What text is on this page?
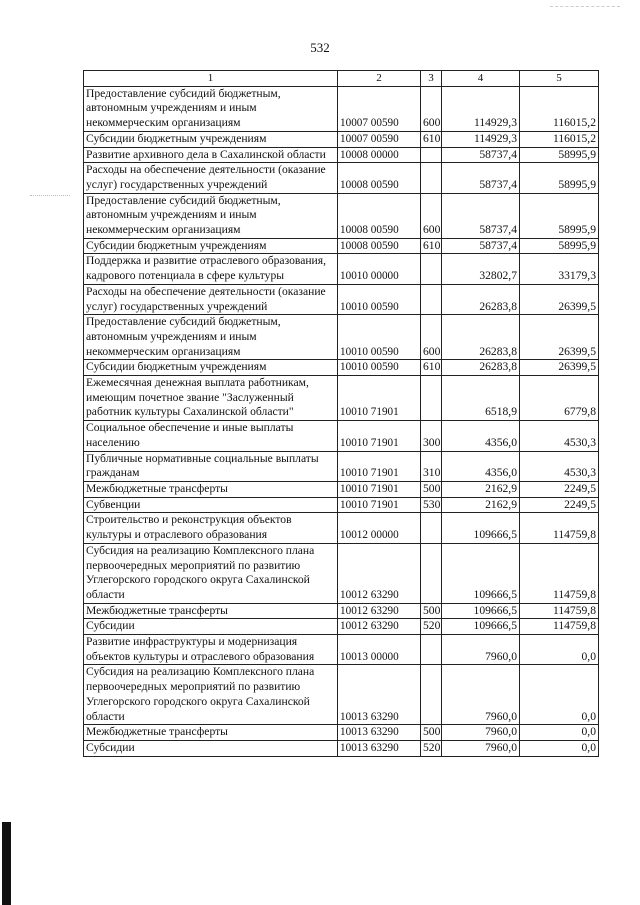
532
1	2	3	4	5
Предоставление субсидий бюджетным, автономным учреждениям и иным некоммерческим организациям	10007 00590	600	114929,3	116015,2
Субсидии бюджетным учреждениям	10007 00590	610	114929,3	116015,2
Развитие архивного дела в Сахалинской области	10008 00000		58737,4	58995,9
Расходы на обеспечение деятельности (оказание услуг) государственных учреждений	10008 00590		58737,4	58995,9
Предоставление субсидий бюджетным, автономным учреждениям и иным некоммерческим организациям	10008 00590	600	58737,4	58995,9
Субсидии бюджетным учреждениям	10008 00590	610	58737,4	58995,9
Поддержка и развитие отраслевого образования, кадрового потенциала в сфере культуры	10010 00000		32802,7	33179,3
Расходы на обеспечение деятельности (оказание услуг) государственных учреждений	10010 00590		26283,8	26399,5
Предоставление субсидий бюджетным, автономным учреждениям и иным некоммерческим организациям	10010 00590	600	26283,8	26399,5
Субсидии бюджетным учреждениям	10010 00590	610	26283,8	26399,5
Ежемесячная денежная выплата работникам, имеющим почетное звание "Заслуженный работник культуры Сахалинской области"	10010 71901		6518,9	6779,8
Социальное обеспечение и иные выплаты населению	10010 71901	300	4356,0	4530,3
Публичные нормативные социальные выплаты гражданам	10010 71901	310	4356,0	4530,3
Межбюджетные трансферты	10010 71901	500	2162,9	2249,5
Субвенции	10010 71901	530	2162,9	2249,5
Строительство и реконструкция объектов культуры и отраслевого образования	10012 00000		109666,5	114759,8
Субсидия на реализацию Комплексного плана первоочередных мероприятий по развитию Углегорского городского округа Сахалинской области	10012 63290		109666,5	114759,8
Межбюджетные трансферты	10012 63290	500	109666,5	114759,8
Субсидии	10012 63290	520	109666,5	114759,8
Развитие инфраструктуры и модернизация объектов культуры и отраслевого образования	10013 00000		7960,0	0,0
Субсидия на реализацию Комплексного плана первоочередных мероприятий по развитию Углегорского городского округа Сахалинской области	10013 63290		7960,0	0,0
Межбюджетные трансферты	10013 63290	500	7960,0	0,0
Субсидии	10013 63290	520	7960,0	0,0
